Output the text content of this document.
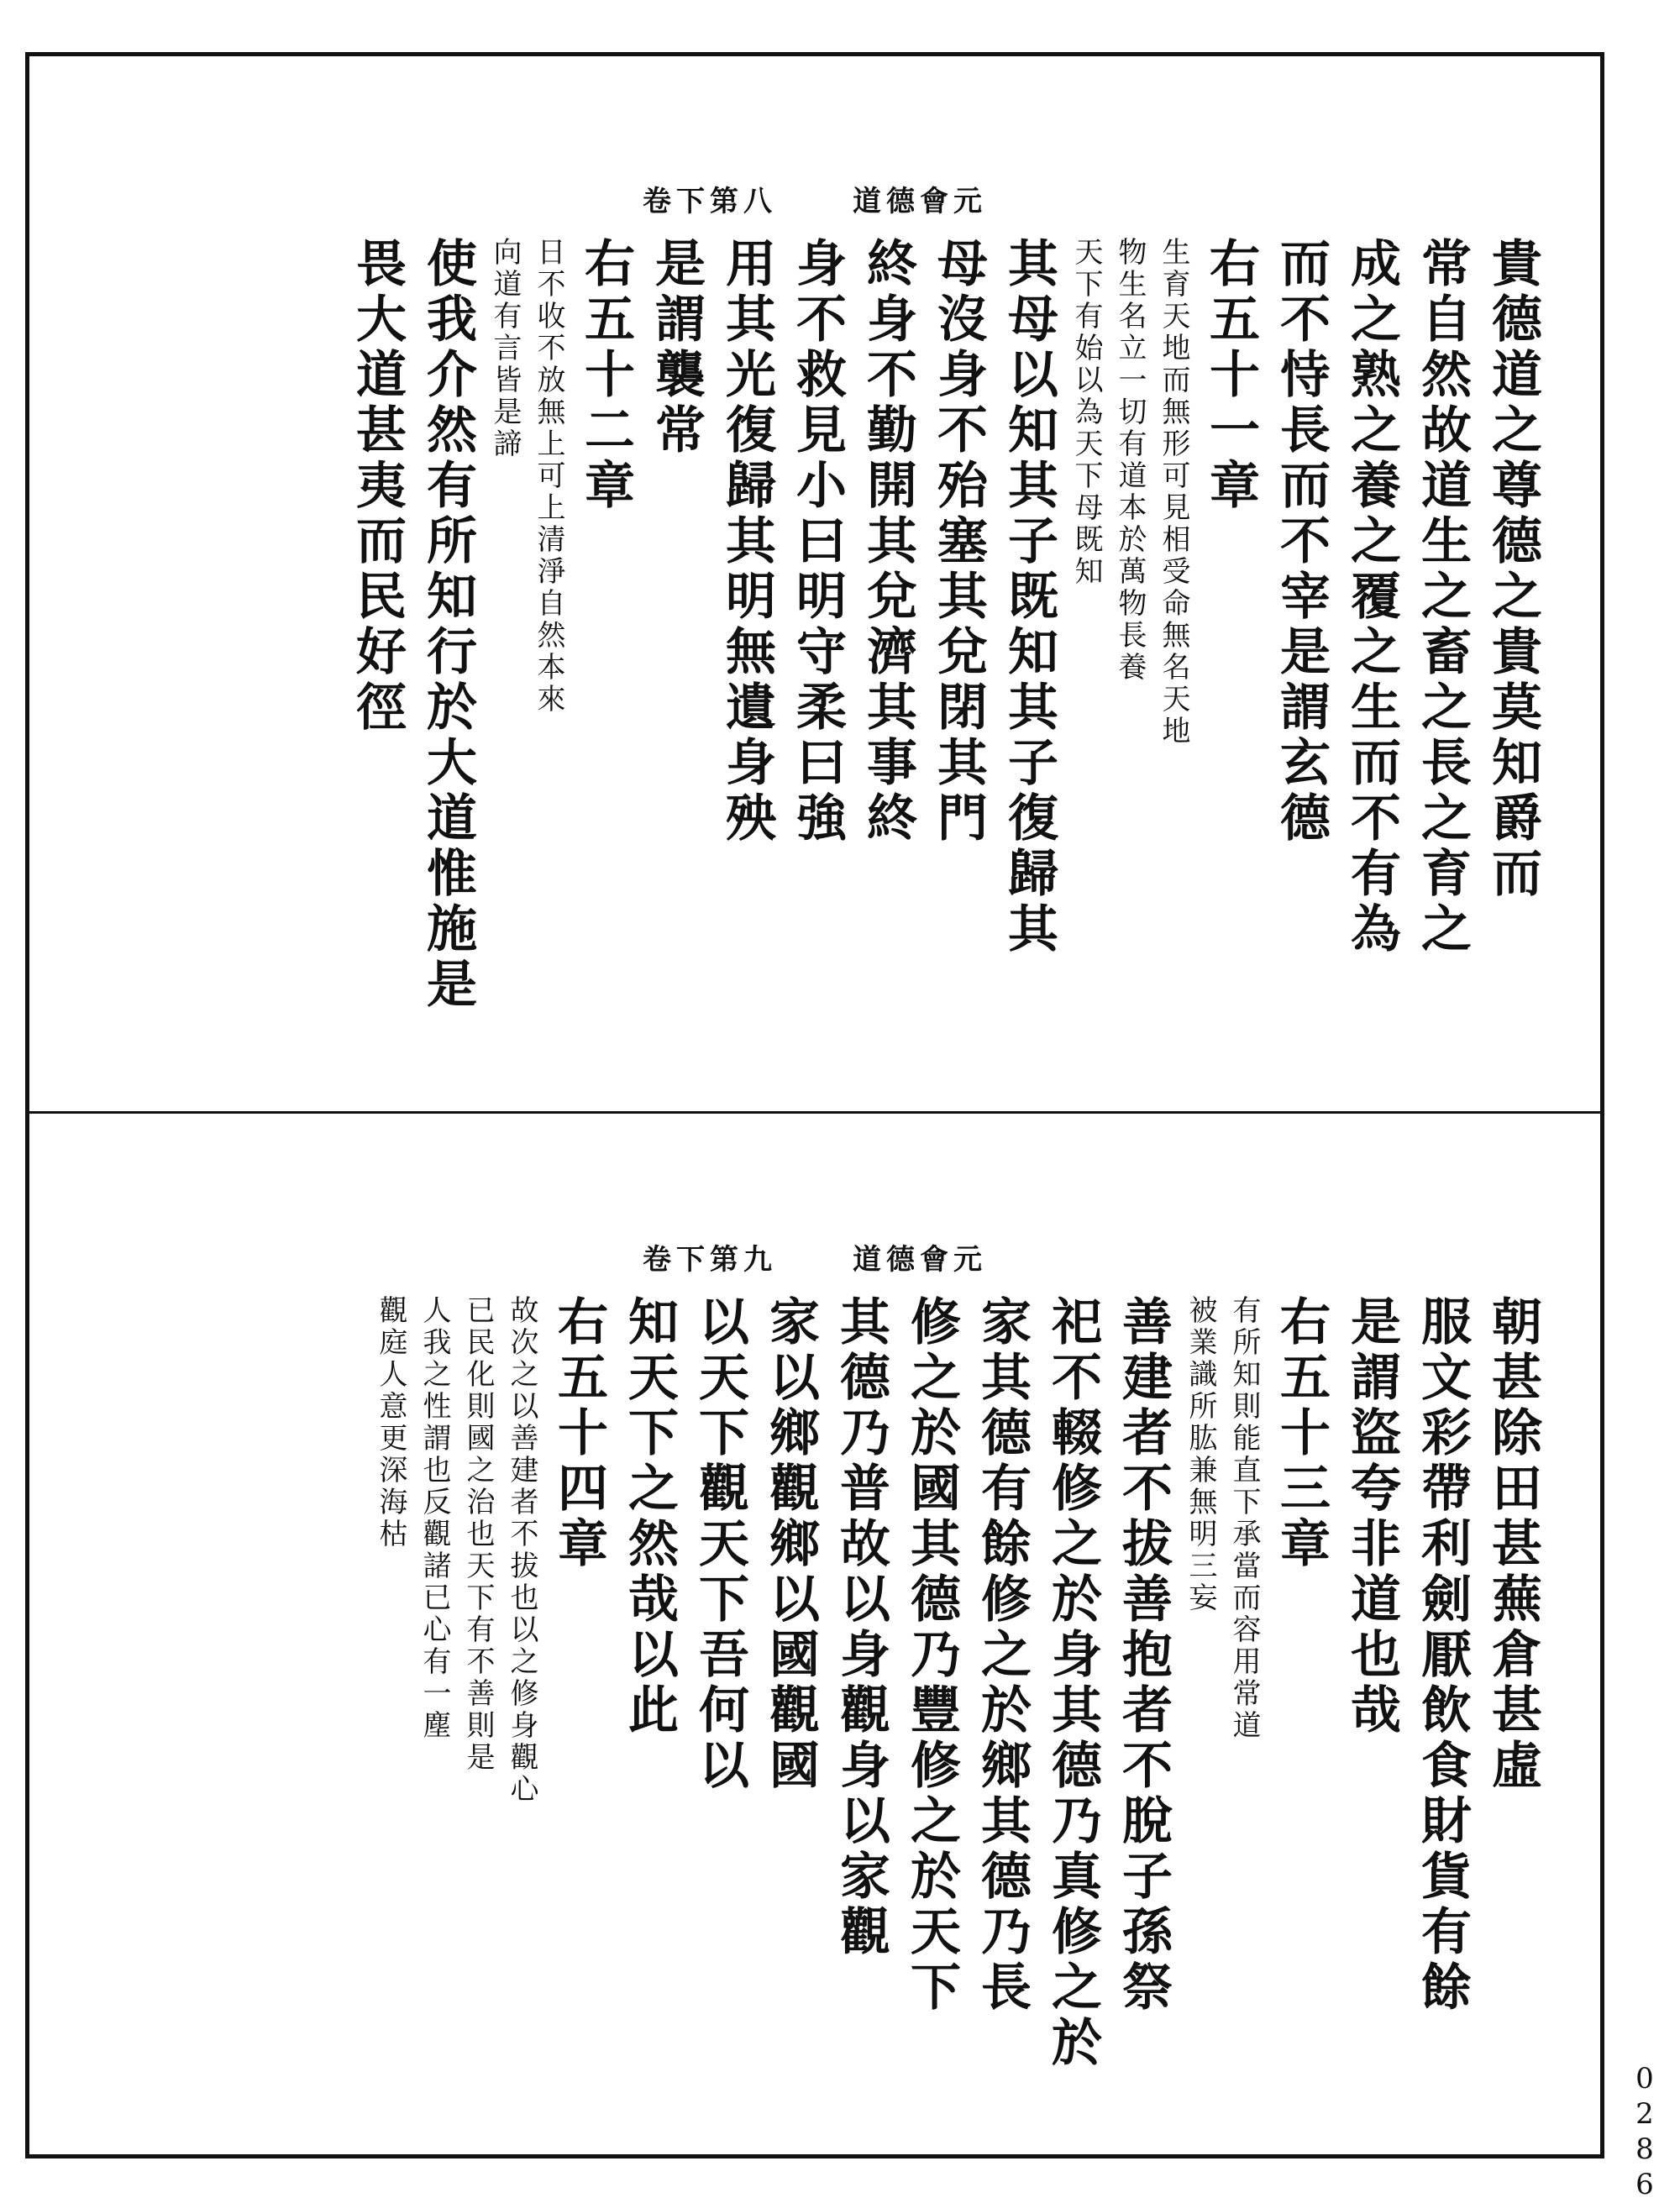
道德會元
卷下第八
貴德道之尊德之貴莫知爵而
常自然故道生之畜之長之育之
成之熟之養之覆之生而不有為
而不恃長而不宰是謂玄德
右五十一章
生育天地而無形可見相受命無名天地
物生名立一切有道本於萬物長養
天下有始以為天下母既知
其母以知其子既知其子復歸其
母沒身不殆塞其兌閉其門
終身不勤開其兌濟其事終
身不救見小曰明守柔曰強
用其光復歸其明無遺身殃
是謂襲常
右五十二章
日不收不放無上可上清淨自然本來
向道有言皆是諦
使我介然有所知行於大道惟施是
畏大道甚夷而民好徑
道德會元
卷下第九
朝甚除田甚蕪倉甚虛
服文彩帶利劍厭飲食財貨有餘
是謂盜夸非道也哉
右五十三章
有所知則能直下承當而容用常道
被業識所肱兼無明三妄
善建者不拔善抱者不脫子孫祭
祀不輟修之於身其德乃真修之於
家其德有餘修之於鄉其德乃長
修之於國其德乃豐修之於天下
其德乃普故以身觀身以家觀
家以鄉觀鄉以國觀國
以天下觀天下吾何以
知天下之然哉以此
右五十四章
故次之以善建者不拔也以之修身觀心
已民化則國之治也天下有不善則是
人我之性謂也反觀諸已心有一塵
觀庭人意更深海枯
0286
